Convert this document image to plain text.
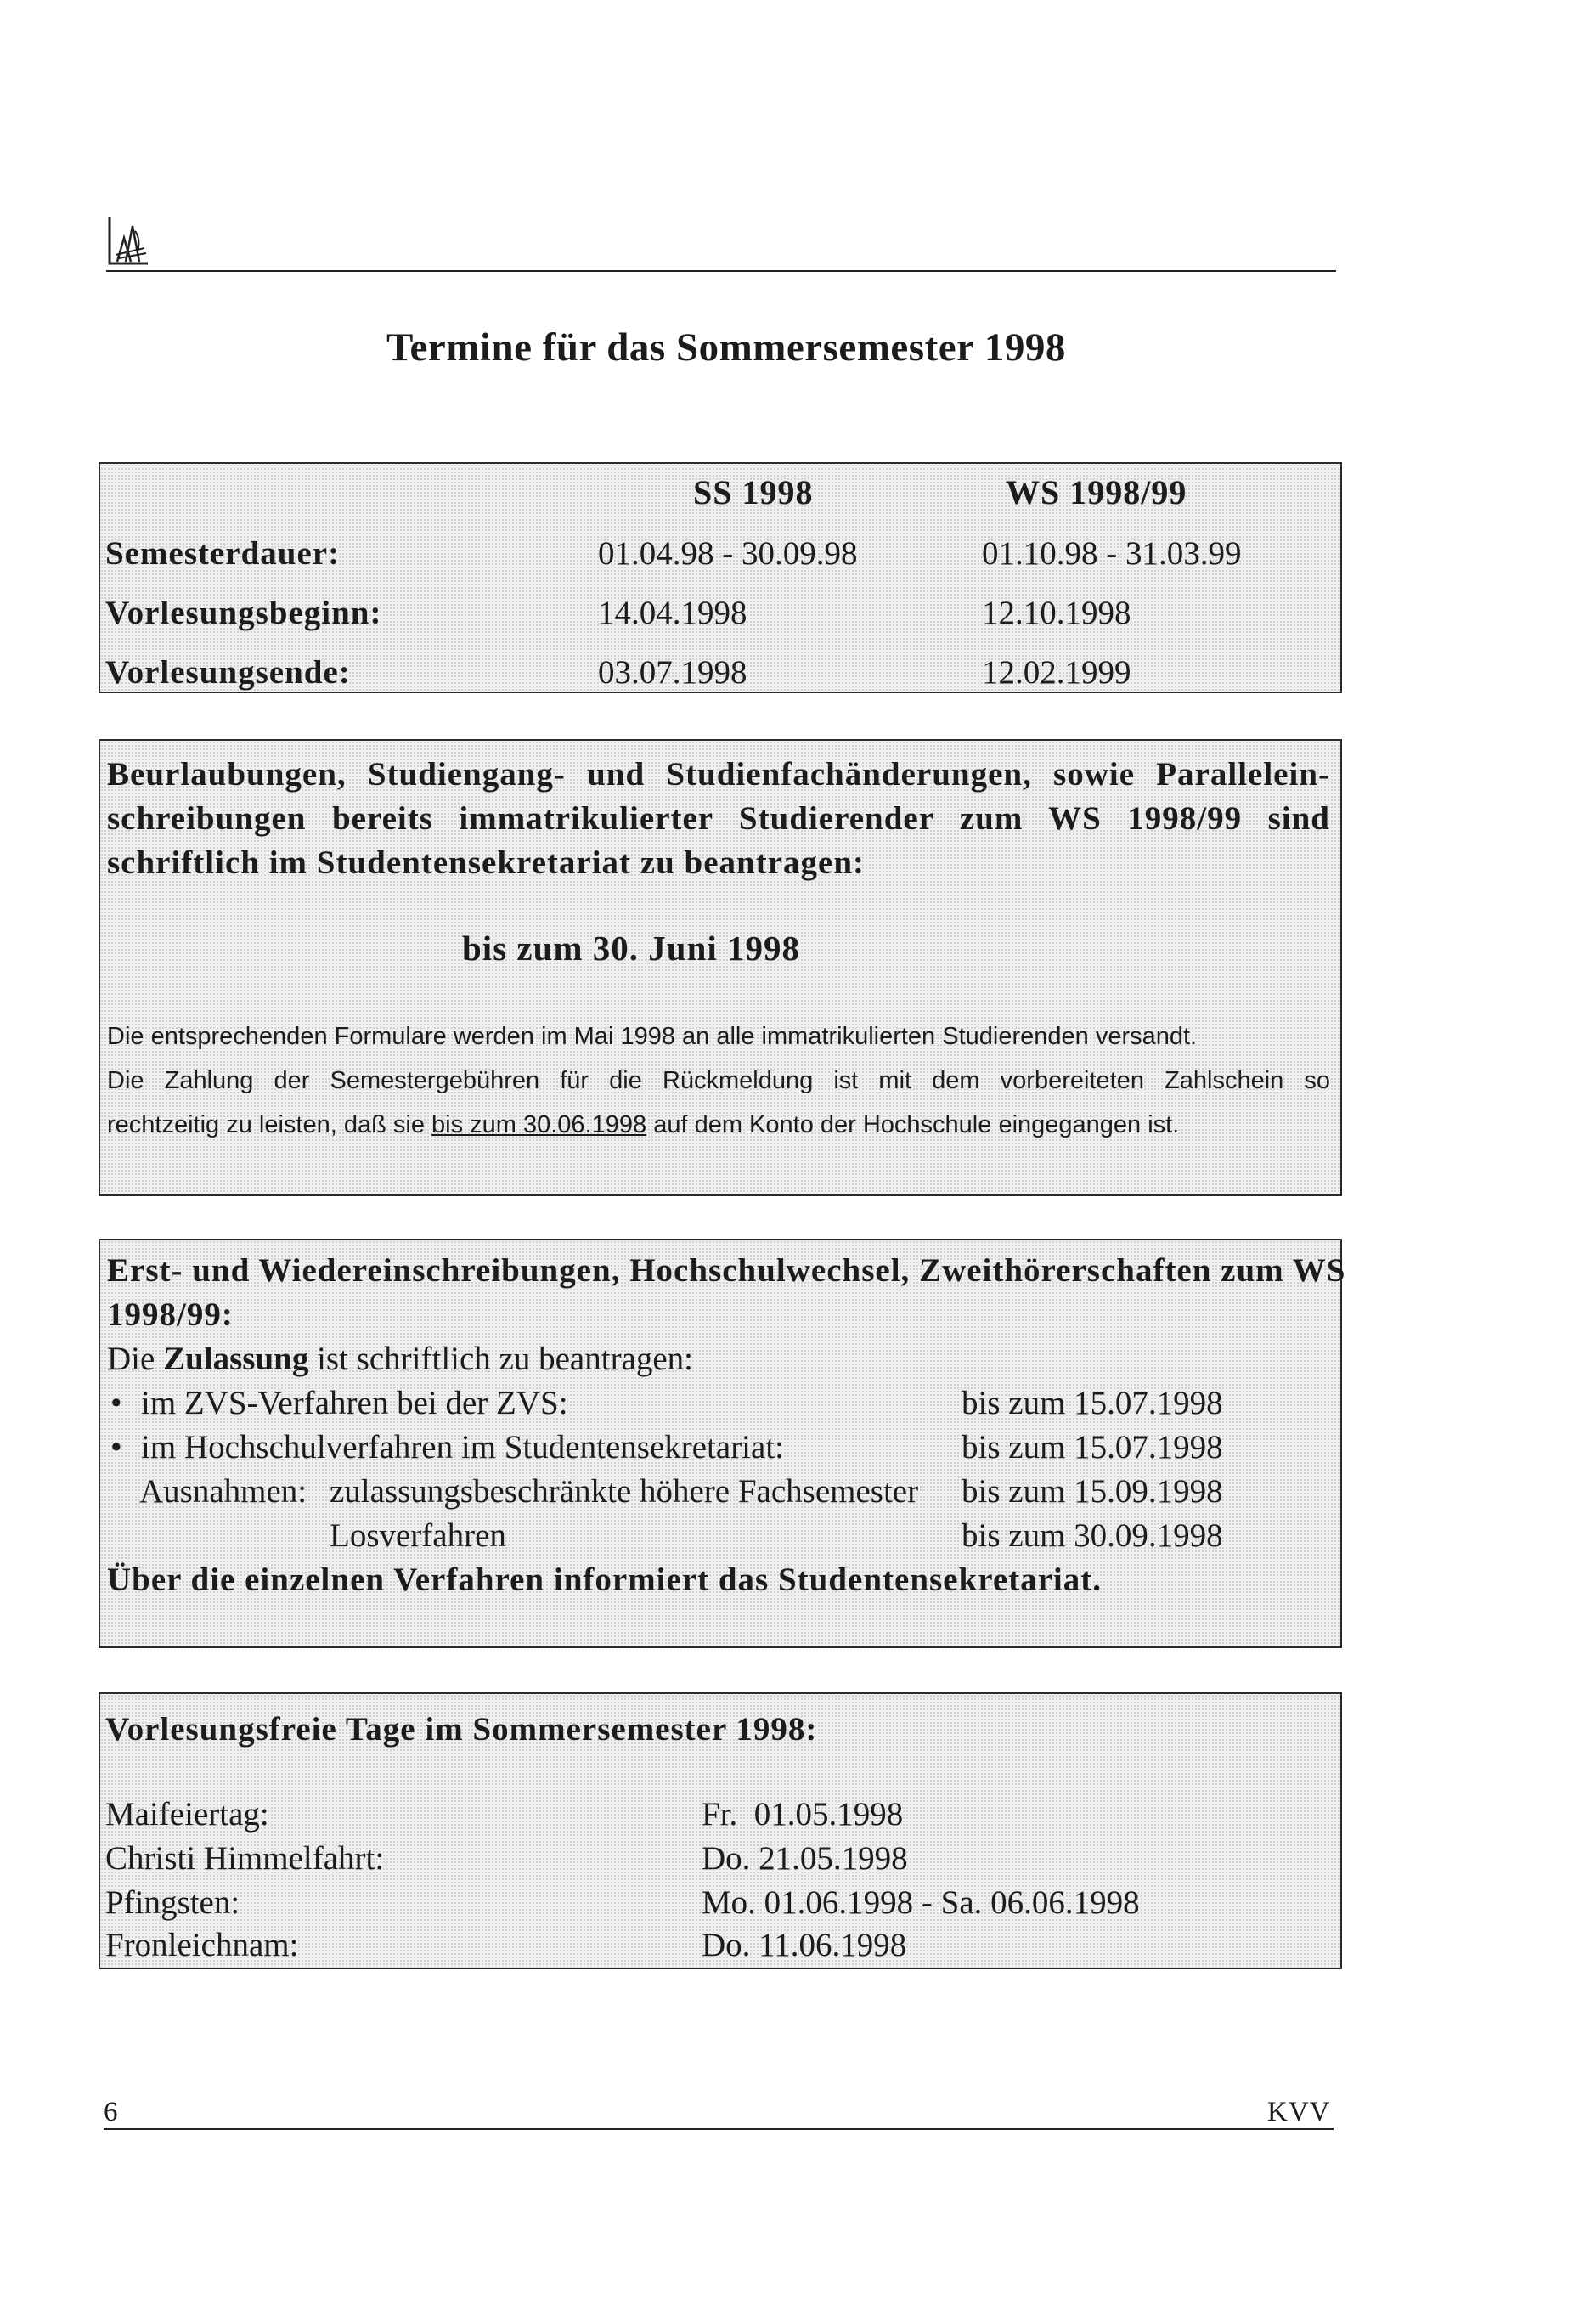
Termine für das Sommersemester 1998
SS 1998	WS 1998/99
Semesterdauer:	01.04.98 - 30.09.98	01.10.98 - 31.03.99
Vorlesungsbeginn:	14.04.1998	12.10.1998
Vorlesungsende:	03.07.1998	12.02.1999
Beurlaubungen, Studiengang- und Studienfachänderungen, sowie Parallelein-
schreibungen bereits immatrikulierter Studierender zum WS 1998/99 sind
schriftlich im Studentensekretariat zu beantragen:
bis zum 30. Juni 1998
Die entsprechenden Formulare werden im Mai 1998 an alle immatrikulierten Studierenden versandt.
Die Zahlung der Semestergebühren für die Rückmeldung ist mit dem vorbereiteten Zahlschein so
rechtzeitig zu leisten, daß sie bis zum 30.06.1998 auf dem Konto der Hochschule eingegangen ist.
Erst- und Wiedereinschreibungen, Hochschulwechsel, Zweithörerschaften zum WS
1998/99:
Die Zulassung ist schriftlich zu beantragen:
• im ZVS-Verfahren bei der ZVS:	bis zum 15.07.1998
• im Hochschulverfahren im Studentensekretariat:	bis zum 15.07.1998
Ausnahmen: zulassungsbeschränkte höhere Fachsemester bis zum 15.09.1998
Losverfahren	bis zum 30.09.1998
Über die einzelnen Verfahren informiert das Studentensekretariat.
Vorlesungsfreie Tage im Sommersemester 1998:
Maifeiertag:	Fr.  01.05.1998
Christi Himmelfahrt:	Do. 21.05.1998
Pfingsten:	Mo. 01.06.1998 - Sa. 06.06.1998
Fronleichnam:	Do. 11.06.1998
6	KVV
